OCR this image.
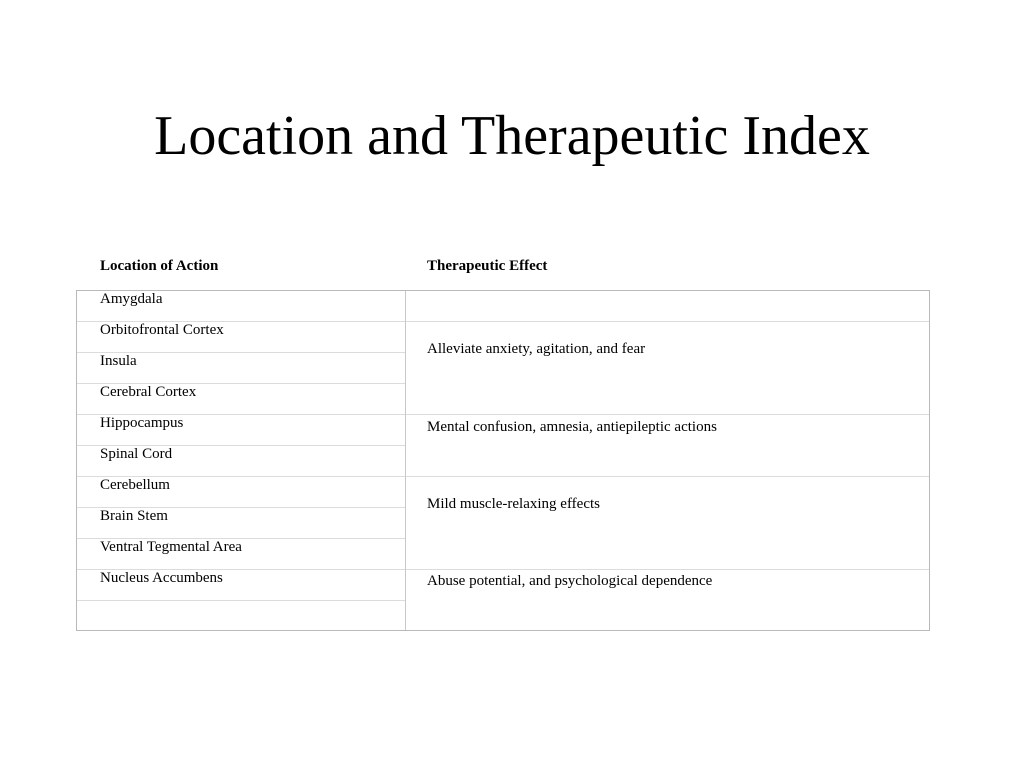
Location and Therapeutic Index
Location of Action	Therapeutic Effect
Amygdala
Orbitofrontal Cortex
Insula
Cerebral Cortex
Hippocampus
Spinal Cord
Cerebellum
Brain Stem
Ventral Tegmental Area
Nucleus Accumbens
Alleviate anxiety, agitation, and fear
Mental confusion, amnesia, antiepileptic actions
Mild muscle-relaxing effects
Abuse potential, and psychological dependence
